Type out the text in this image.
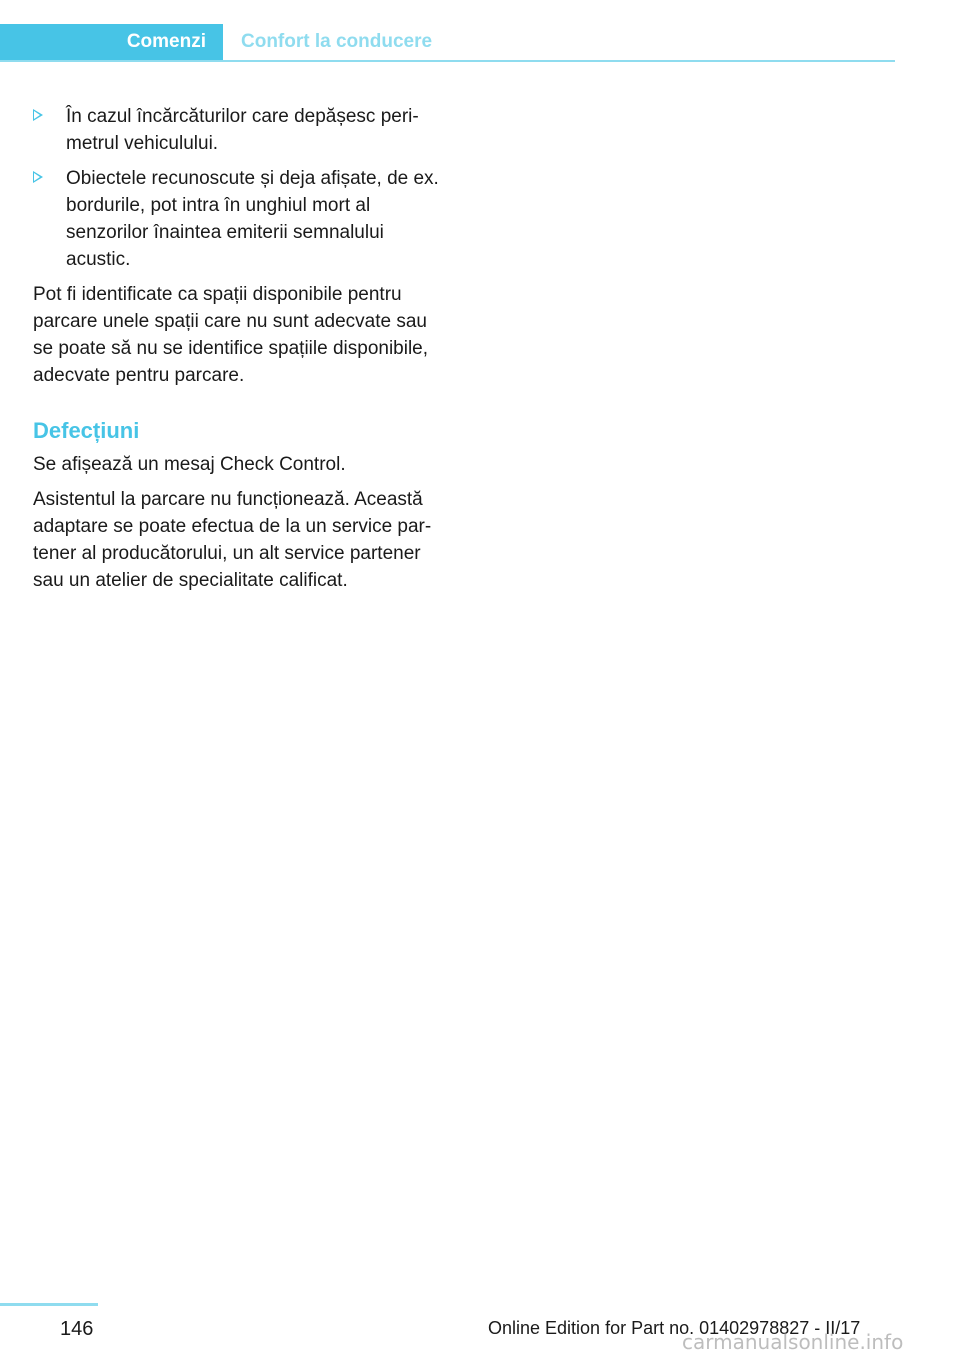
Comenzi	Confort la conducere
În cazul încărcăturilor care depășesc perimetrul vehiculului.
Obiectele recunoscute și deja afișate, de ex. bordurile, pot intra în unghiul mort al senzorilor înaintea emiterii semnalului acustic.

Pot fi identificate ca spații disponibile pentru parcare unele spații care nu sunt adecvate sau se poate să nu se identifice spațiile disponibile, adecvate pentru parcare.

Defecțiuni

Se afișează un mesaj Check Control.

Asistentul la parcare nu funcționează. Această adaptare se poate efectua de la un service partener al producătorului, un alt service partener sau un atelier de specialitate calificat.

146	Online Edition for Part no. 01402978827 - II/17
carmanualsonline.info
